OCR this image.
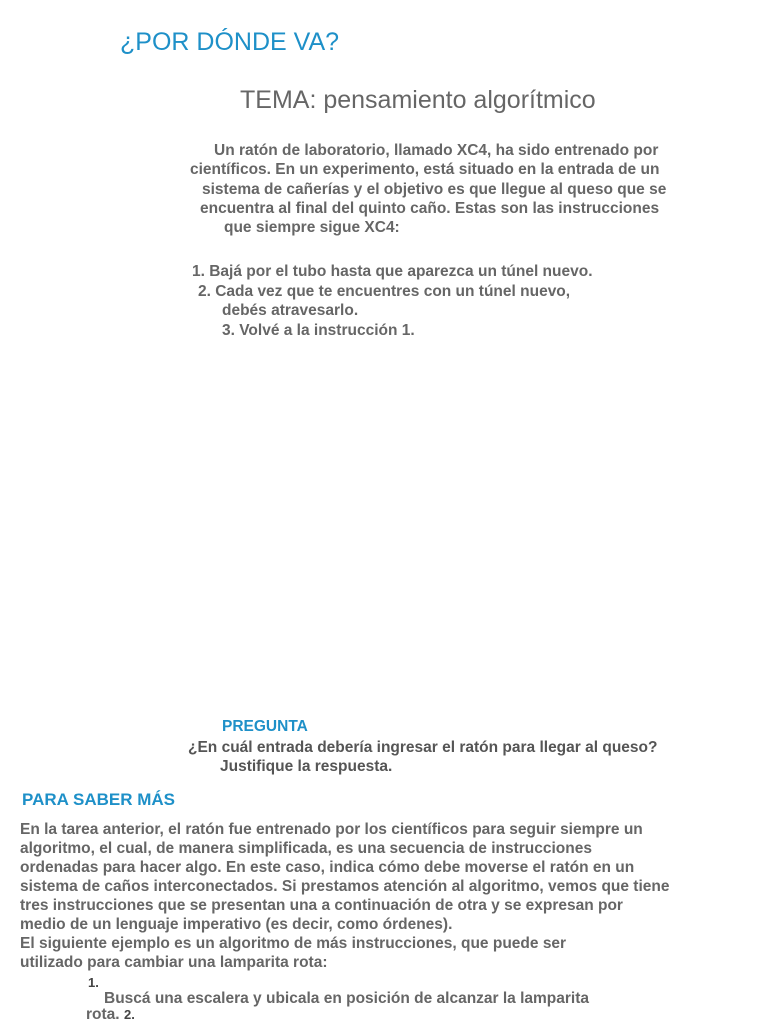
¿POR DÓNDE VA?
TEMA: pensamiento algorítmico
Un ratón de laboratorio, llamado XC4, ha sido entrenado por
científicos. En un experimento, está situado en la entrada de un
sistema de cañerías y el objetivo es que llegue al queso que se
encuentra al final del quinto caño. Estas son las instrucciones
que siempre sigue XC4:
1. Bajá por el tubo hasta que aparezca un túnel nuevo.
2. Cada vez que te encuentres con un túnel nuevo,
debés atravesarlo.
3. Volvé a la instrucción 1.
PREGUNTA
¿En cuál entrada debería ingresar el ratón para llegar al queso?
Justifique la respuesta.
PARA SABER MÁS
En la tarea anterior, el ratón fue entrenado por los científicos para seguir siempre un
algoritmo, el cual, de manera simplificada, es una secuencia de instrucciones
ordenadas para hacer algo. En este caso, indica cómo debe moverse el ratón en un
sistema de caños interconectados. Si prestamos atención al algoritmo, vemos que tiene
tres instrucciones que se presentan una a continuación de otra y se expresan por
medio de un lenguaje imperativo (es decir, como órdenes).
El siguiente ejemplo es un algoritmo de más instrucciones, que puede ser
utilizado para cambiar una lamparita rota:
1.
Buscá una escalera y ubicala en posición de alcanzar la lamparita
rota. 2.
